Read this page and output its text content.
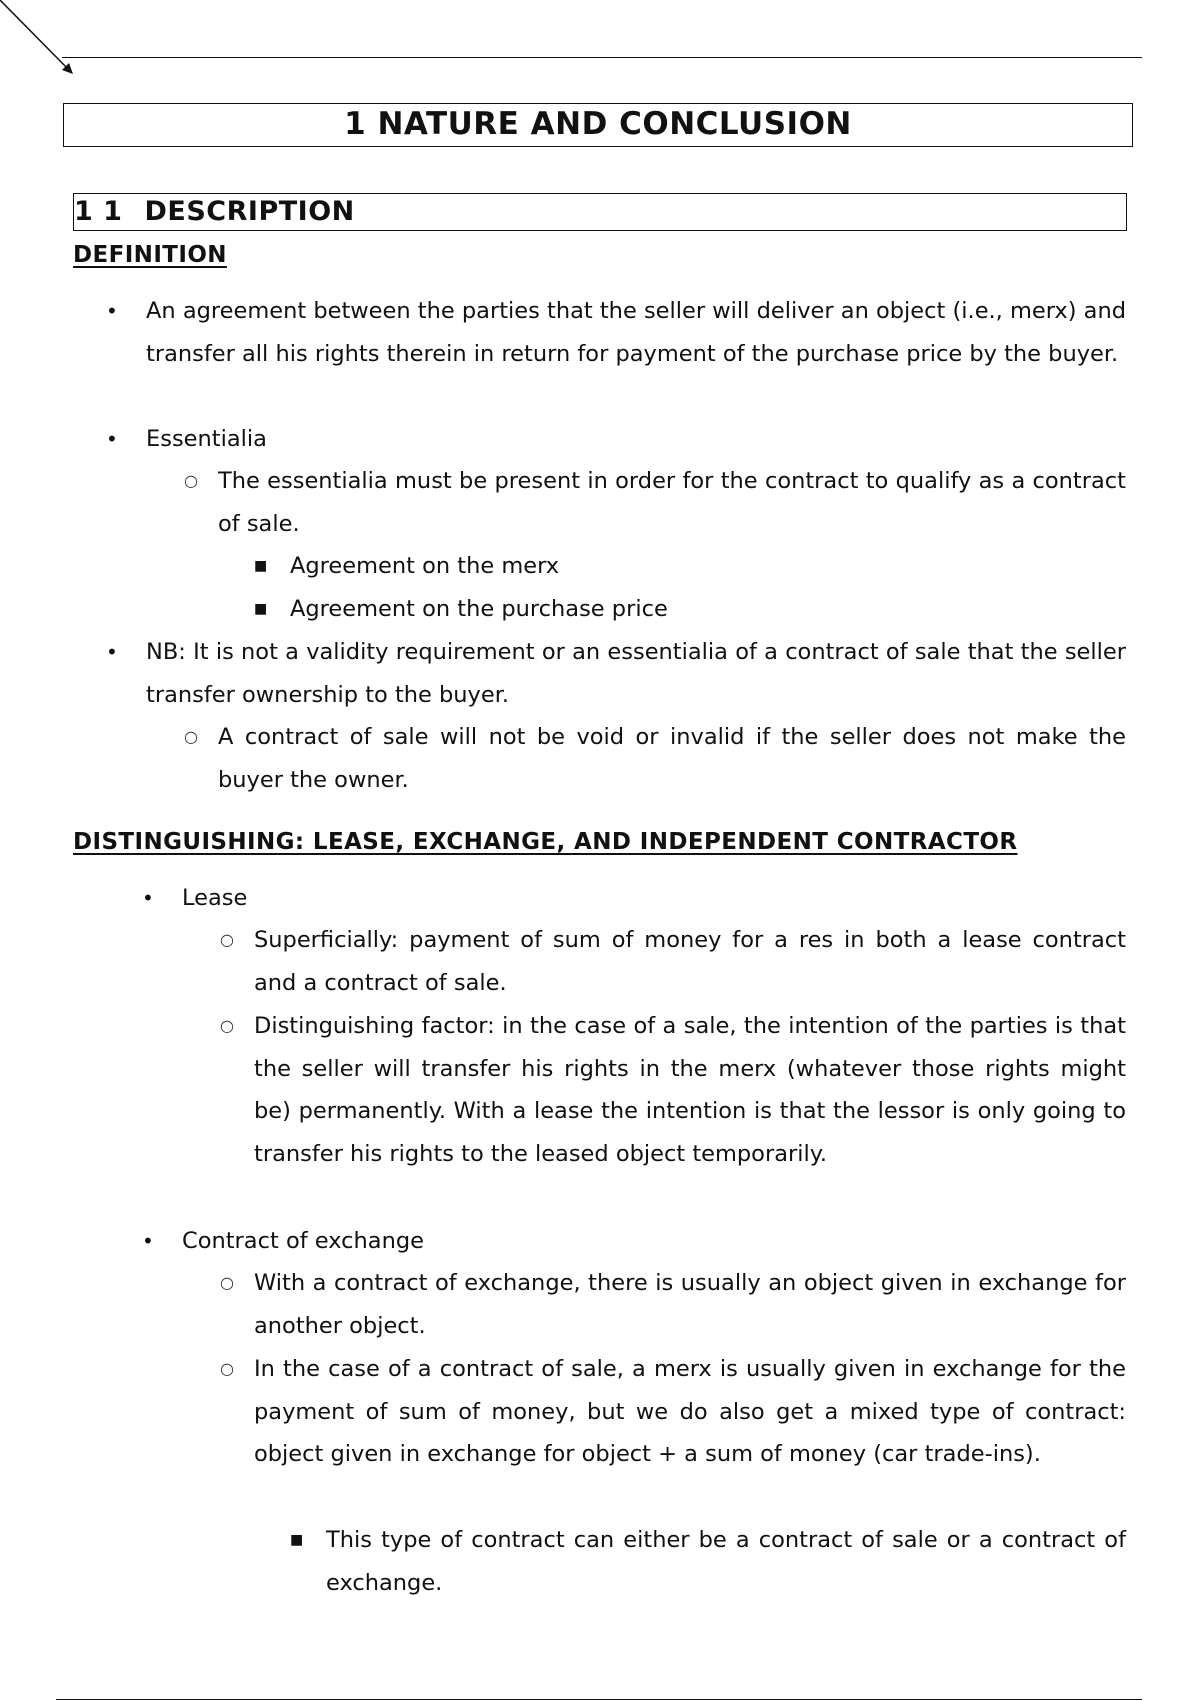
1 NATURE AND CONCLUSION
1 1 DESCRIPTION
DEFINITION
• An agreement between the parties that the seller will deliver an object (i.e., merx) and transfer all his rights therein in return for payment of the purchase price by the buyer.
• Essentialia
○ The essentialia must be present in order for the contract to qualify as a contract of sale.
■ Agreement on the merx
■ Agreement on the purchase price
• NB: It is not a validity requirement or an essentialia of a contract of sale that the seller transfer ownership to the buyer.
○ A contract of sale will not be void or invalid if the seller does not make the buyer the owner.
DISTINGUISHING: LEASE, EXCHANGE, AND INDEPENDENT CONTRACTOR
• Lease
○ Superficially: payment of sum of money for a res in both a lease contract and a contract of sale.
○ Distinguishing factor: in the case of a sale, the intention of the parties is that the seller will transfer his rights in the merx (whatever those rights might be) permanently. With a lease the intention is that the lessor is only going to transfer his rights to the leased object temporarily.
• Contract of exchange
○ With a contract of exchange, there is usually an object given in exchange for another object.
○ In the case of a contract of sale, a merx is usually given in exchange for the payment of sum of money, but we do also get a mixed type of contract: object given in exchange for object + a sum of money (car trade-ins).
■ This type of contract can either be a contract of sale or a contract of exchange.
